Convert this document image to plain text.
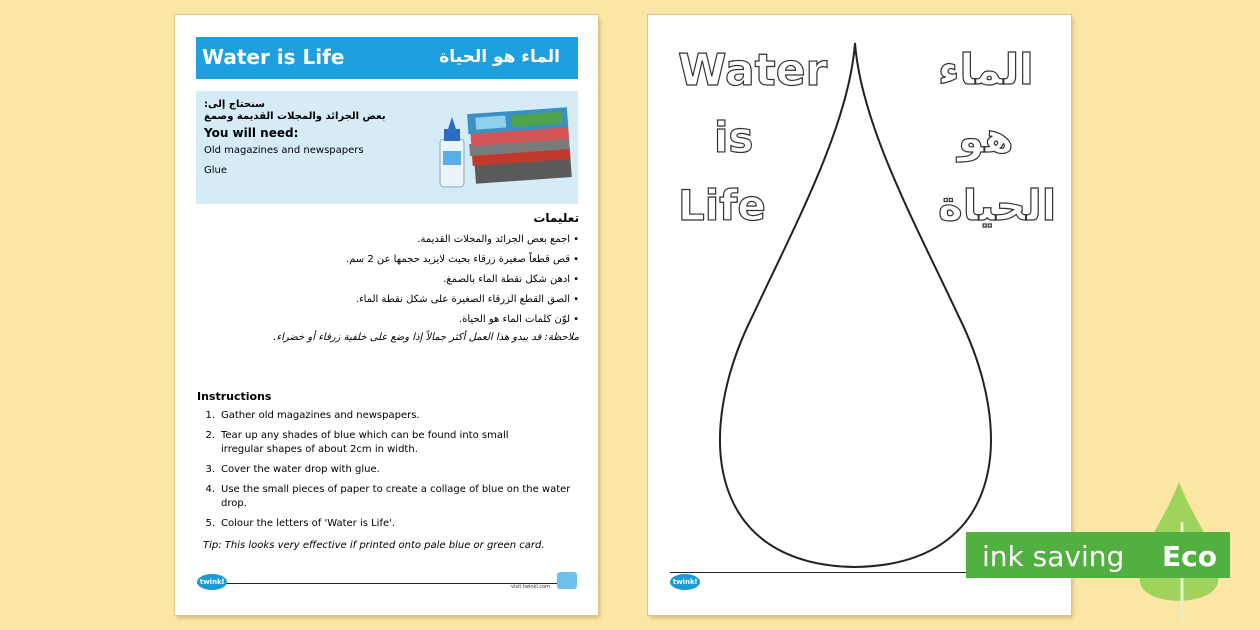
Water is Life	الماء هو الحياة
سنحتاج إلى:
بعض الجرائد والمجلات القديمة وصمغ
You will need:
Old magazines and newspapers
Glue
تعليمات
• اجمع بعض الجرائد والمجلات القديمة.
• قص قطعاً صغيرة زرقاء بحيث لايزيد حجمها عن 2 سم.
• ادهن شكل نقطة الماء بالصمغ.
• الصق القطع الزرقاء الصغيرة على شكل نقطة الماء.
• لوّن كلمات الماء هو الحياة.
ملاحظة: قد يبدو هذا العمل أكثر جمالاً إذا وضع على خلفية زرقاء أو خضراء.
Instructions
1. Gather old magazines and newspapers.
2. Tear up any shades of blue which can be found into small irregular shapes of about 2cm in width.
3. Cover the water drop with glue.
4. Use the small pieces of paper to create a collage of blue on the water drop.
5. Colour the letters of 'Water is Life'.
Tip: This looks very effective if printed onto pale blue or green card.
twinkl
visit twinkl.com
Water
is
Life
الماء
هو
الحياة
twinkl
ink saving Eco
